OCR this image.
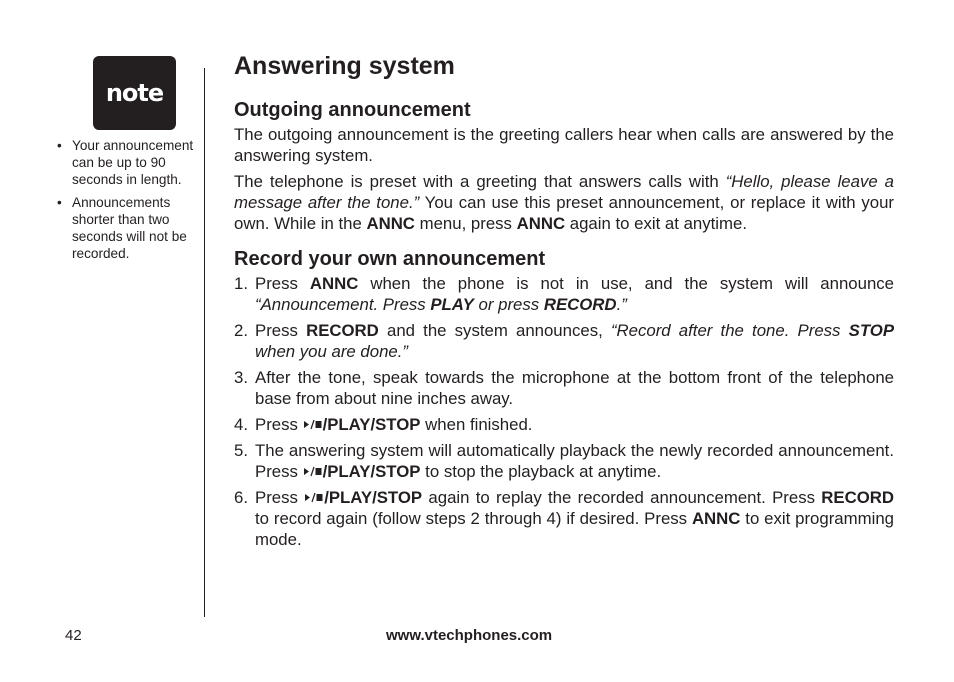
note
• Your announcement can be up to 90 seconds in length.
• Announcements shorter than two seconds will not be recorded.
Answering system
Outgoing announcement

The outgoing announcement is the greeting callers hear when calls are answered by the answering system.

The telephone is preset with a greeting that answers calls with “Hello, please leave a message after the tone.” You can use this preset announcement, or replace it with your own. While in the ANNC menu, press ANNC again to exit at anytime.

Record your own announcement
1. Press ANNC when the phone is not in use, and the system will announce “Announcement. Press PLAY or press RECORD.”
2. Press RECORD and the system announces, “Record after the tone. Press STOP when you are done.”
3. After the tone, speak towards the microphone at the bottom front of the telephone base from about nine inches away.
4. Press /PLAY/STOP when finished.
5. The answering system will automatically playback the newly recorded announcement. Press /PLAY/STOP to stop the playback at anytime.
6. Press /PLAY/STOP again to replay the recorded announcement. Press RECORD to record again (follow steps 2 through 4) if desired. Press ANNC to exit programming mode.
42	www.vtechphones.com
